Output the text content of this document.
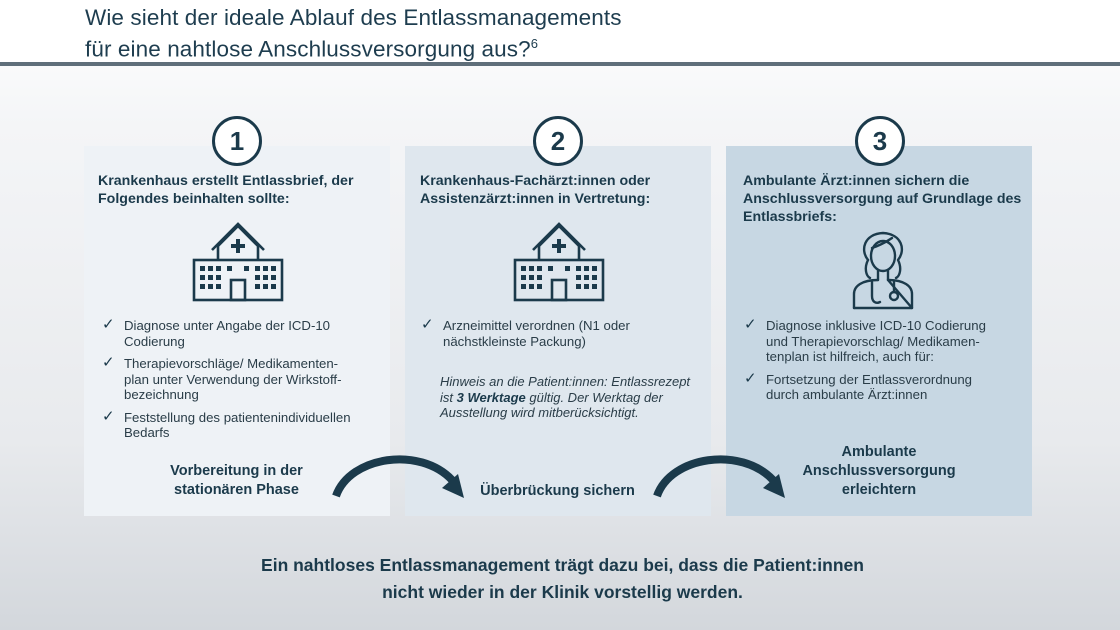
Wie sieht der ideale Ablauf des Entlassmanagements
für eine nahtlose Anschlussversorgung aus?$^6$
Krankenhaus erstellt Entlassbrief, der Folgendes beinhalten sollte:
✓ Diagnose unter Angabe der ICD-10 Codierung
✓ Therapievorschläge/ Medikamenten-plan unter Verwendung der Wirkstoff-bezeichnung
✓ Feststellung des patientenindividuellen Bedarfs
Vorbereitung in der stationären Phase
1
Krankenhaus-Fachärzt:innen oder Assistenzärzt:innen in Vertretung:
✓ Arzneimittel verordnen (N1 oder nächstkleinste Packung)
Hinweis an die Patient:innen: Entlassrezept ist 3 Werktage gültig. Der Werktag der Ausstellung wird mitberücksichtigt.
Überbrückung sichern
2
Ambulante Ärzt:innen sichern die Anschlussversorgung auf Grundlage des Entlassbriefs:
✓ Diagnose inklusive ICD-10 Codierung und Therapievorschlag/ Medikamen-tenplan ist hilfreich, auch für:
✓ Fortsetzung der Entlassverordnung durch ambulante Ärzt:innen
Ambulante Anschlussversorgung erleichtern
3
Ein nahtloses Entlassmanagement trägt dazu bei, dass die Patient:innen
nicht wieder in der Klinik vorstellig werden.
